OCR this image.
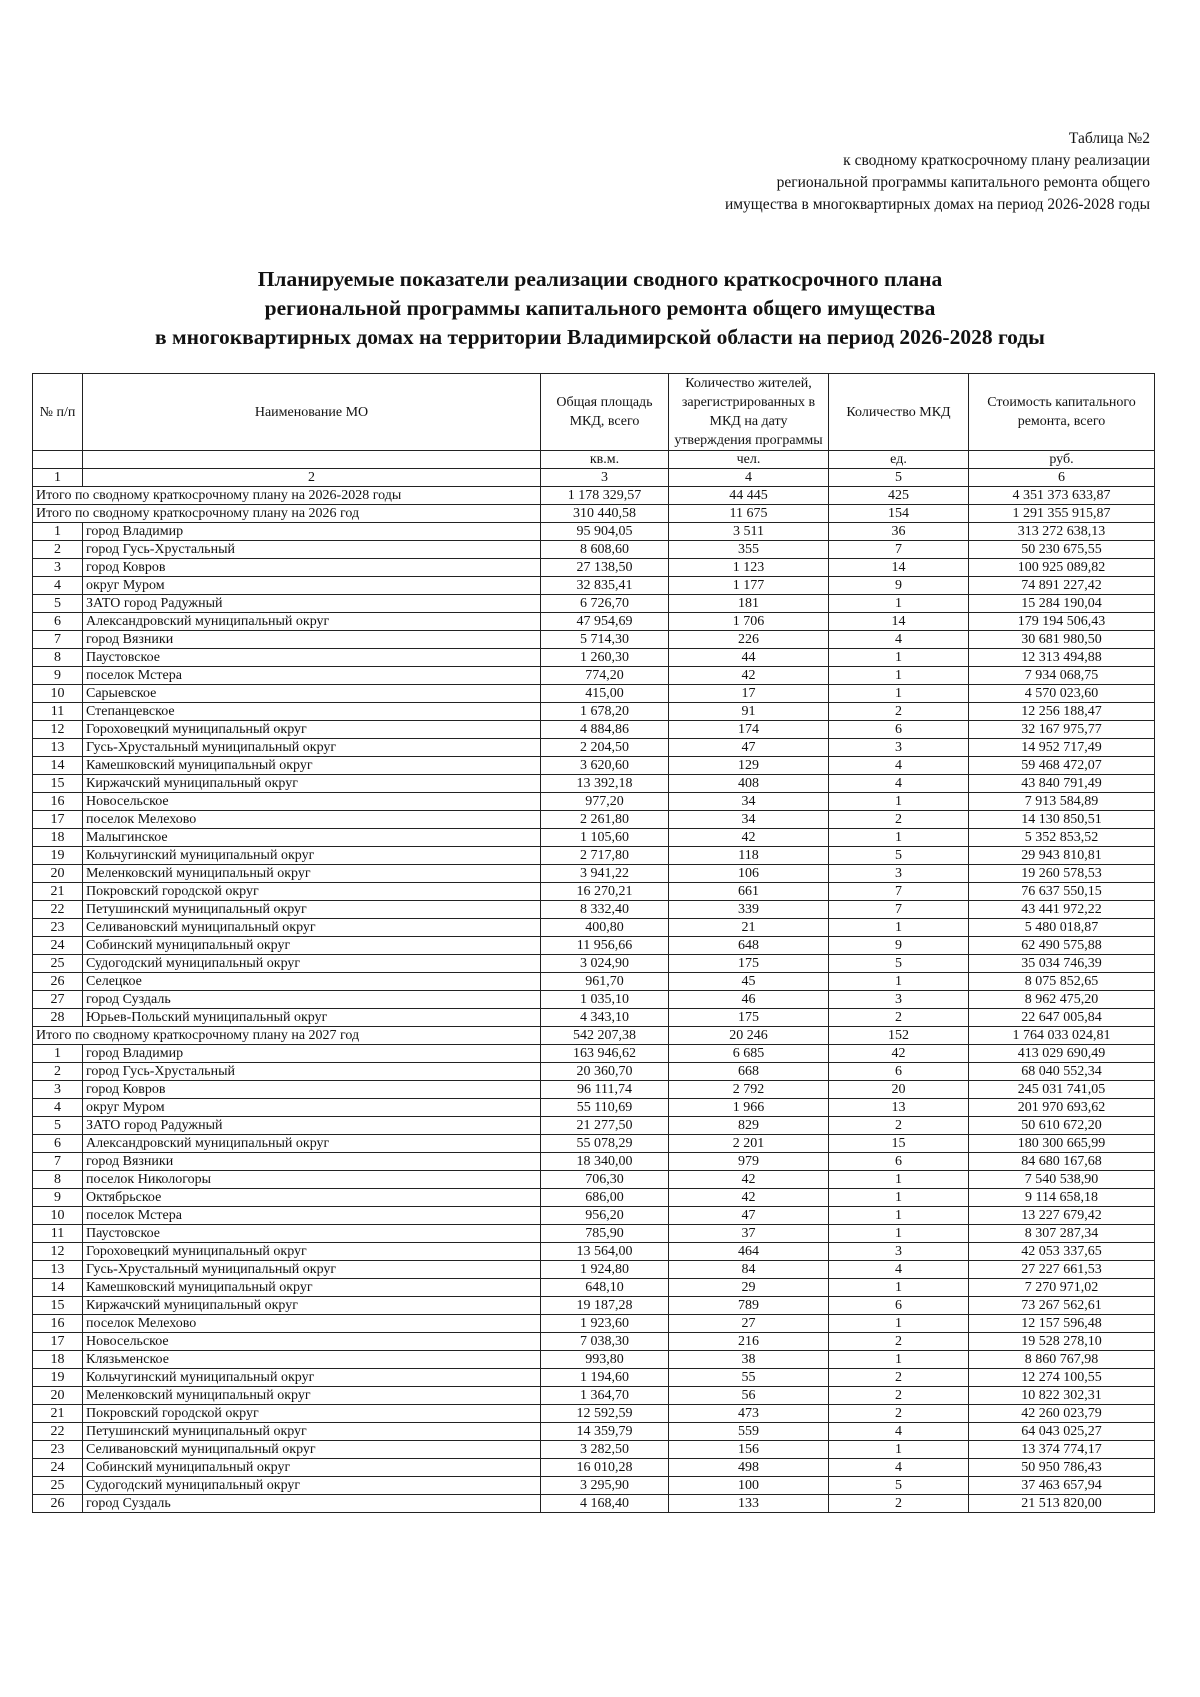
Таблица №2
к сводному краткосрочному плану реализации
региональной программы капитального ремонта общего
имущества в многоквартирных домах на период 2026-2028 годы
Планируемые показатели реализации сводного краткосрочного плана
региональной программы капитального ремонта общего имущества
в многоквартирных домах на территории Владимирской области на период 2026-2028 годы
№ п/п	Наименование МО	Общая площадь МКД, всего	Количество жителей, зарегистрированных в МКД на дату утверждения программы	Количество МКД	Стоимость капитального ремонта, всего
		кв.м.	чел.	ед.	руб.
1	2	3	4	5	6
Итого по сводному краткосрочному плану на 2026-2028 годы		1 178 329,57	44 445	425	4 351 373 633,87
Итого по сводному краткосрочному плану на 2026 год		310 440,58	11 675	154	1 291 355 915,87
1	город Владимир	95 904,05	3 511	36	313 272 638,13
2	город Гусь-Хрустальный	8 608,60	355	7	50 230 675,55
3	город Ковров	27 138,50	1 123	14	100 925 089,82
4	округ Муром	32 835,41	1 177	9	74 891 227,42
5	ЗАТО город Радужный	6 726,70	181	1	15 284 190,04
6	Александровский муниципальный округ	47 954,69	1 706	14	179 194 506,43
7	город Вязники	5 714,30	226	4	30 681 980,50
8	Паустовское	1 260,30	44	1	12 313 494,88
9	поселок Мстера	774,20	42	1	7 934 068,75
10	Сарыевское	415,00	17	1	4 570 023,60
11	Степанцевское	1 678,20	91	2	12 256 188,47
12	Гороховецкий муниципальный округ	4 884,86	174	6	32 167 975,77
13	Гусь-Хрустальный муниципальный округ	2 204,50	47	3	14 952 717,49
14	Камешковский муниципальный округ	3 620,60	129	4	59 468 472,07
15	Киржачский муниципальный округ	13 392,18	408	4	43 840 791,49
16	Новосельское	977,20	34	1	7 913 584,89
17	поселок Мелехово	2 261,80	34	2	14 130 850,51
18	Малыгинское	1 105,60	42	1	5 352 853,52
19	Кольчугинский муниципальный округ	2 717,80	118	5	29 943 810,81
20	Меленковский муниципальный округ	3 941,22	106	3	19 260 578,53
21	Покровский городской округ	16 270,21	661	7	76 637 550,15
22	Петушинский муниципальный округ	8 332,40	339	7	43 441 972,22
23	Селивановский муниципальный округ	400,80	21	1	5 480 018,87
24	Собинский муниципальный округ	11 956,66	648	9	62 490 575,88
25	Судогодский муниципальный округ	3 024,90	175	5	35 034 746,39
26	Селецкое	961,70	45	1	8 075 852,65
27	город Суздаль	1 035,10	46	3	8 962 475,20
28	Юрьев-Польский муниципальный округ	4 343,10	175	2	22 647 005,84
Итого по сводному краткосрочному плану на 2027 год		542 207,38	20 246	152	1 764 033 024,81
1	город Владимир	163 946,62	6 685	42	413 029 690,49
2	город Гусь-Хрустальный	20 360,70	668	6	68 040 552,34
3	город Ковров	96 111,74	2 792	20	245 031 741,05
4	округ Муром	55 110,69	1 966	13	201 970 693,62
5	ЗАТО город Радужный	21 277,50	829	2	50 610 672,20
6	Александровский муниципальный округ	55 078,29	2 201	15	180 300 665,99
7	город Вязники	18 340,00	979	6	84 680 167,68
8	поселок Никологоры	706,30	42	1	7 540 538,90
9	Октябрьское	686,00	42	1	9 114 658,18
10	поселок Мстера	956,20	47	1	13 227 679,42
11	Паустовское	785,90	37	1	8 307 287,34
12	Гороховецкий муниципальный округ	13 564,00	464	3	42 053 337,65
13	Гусь-Хрустальный муниципальный округ	1 924,80	84	4	27 227 661,53
14	Камешковский муниципальный округ	648,10	29	1	7 270 971,02
15	Киржачский муниципальный округ	19 187,28	789	6	73 267 562,61
16	поселок Мелехово	1 923,60	27	1	12 157 596,48
17	Новосельское	7 038,30	216	2	19 528 278,10
18	Клязьменское	993,80	38	1	8 860 767,98
19	Кольчугинский муниципальный округ	1 194,60	55	2	12 274 100,55
20	Меленковский муниципальный округ	1 364,70	56	2	10 822 302,31
21	Покровский городской округ	12 592,59	473	2	42 260 023,79
22	Петушинский муниципальный округ	14 359,79	559	4	64 043 025,27
23	Селивановский муниципальный округ	3 282,50	156	1	13 374 774,17
24	Собинский муниципальный округ	16 010,28	498	4	50 950 786,43
25	Судогодский муниципальный округ	3 295,90	100	5	37 463 657,94
26	город Суздаль	4 168,40	133	2	21 513 820,00
